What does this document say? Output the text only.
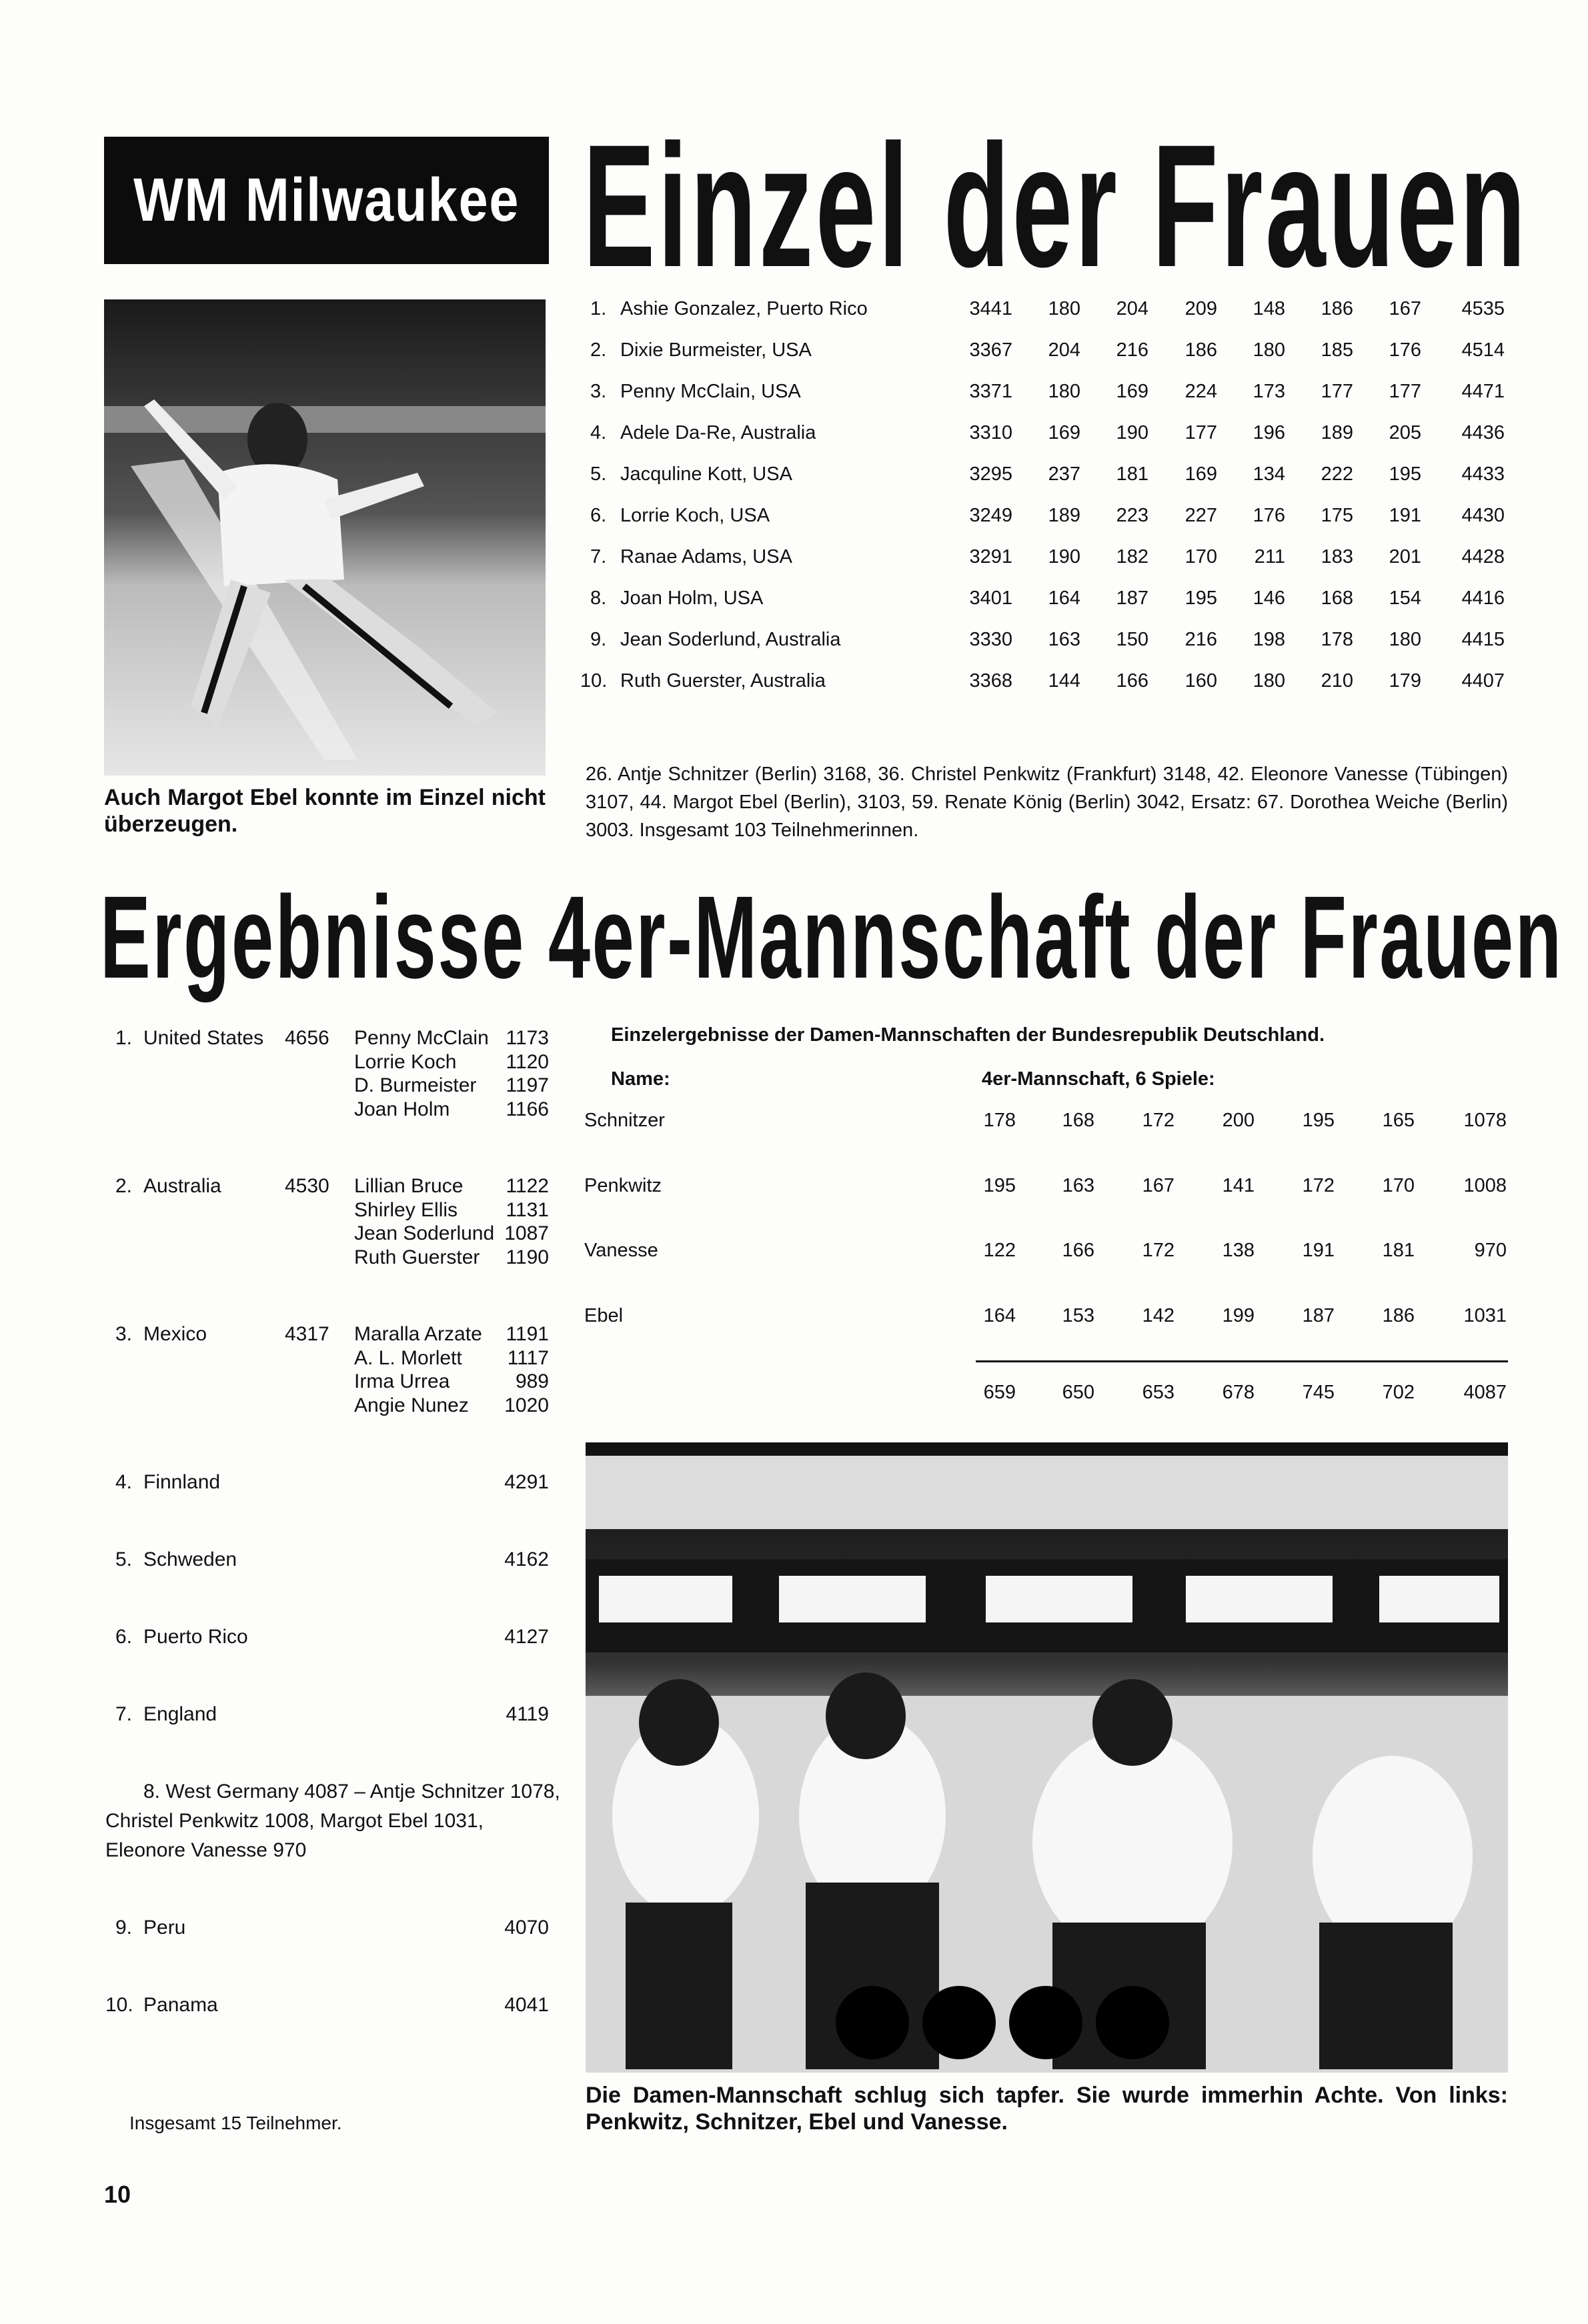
WM Milwaukee Einzel der Frauen
Auch Margot Ebel konnte im Einzel nicht überzeugen.
1. Ashie Gonzalez, Puerto Rico	3441	180	204	209	148	186	167	4535
2. Dixie Burmeister, USA	3367	204	216	186	180	185	176	4514
3. Penny McClain, USA	3371	180	169	224	173	177	177	4471
4. Adele Da-Re, Australia	3310	169	190	177	196	189	205	4436
5. Jacquline Kott, USA	3295	237	181	169	134	222	195	4433
6. Lorrie Koch, USA	3249	189	223	227	176	175	191	4430
7. Ranae Adams, USA	3291	190	182	170	211	183	201	4428
8. Joan Holm, USA	3401	164	187	195	146	168	154	4416
9. Jean Soderlund, Australia	3330	163	150	216	198	178	180	4415
10. Ruth Guerster, Australia	3368	144	166	160	180	210	179	4407
26. Antje Schnitzer (Berlin) 3168, 36. Christel Penkwitz (Frankfurt) 3148, 42. Eleonore Vanesse (Tübingen) 3107, 44. Margot Ebel (Berlin), 3103, 59. Renate König (Berlin) 3042, Ersatz: 67. Dorothea Weiche (Berlin) 3003. Insgesamt 103 Teilnehmerinnen.
Ergebnisse 4er-Mannschaft der Frauen
1. United States 4656 Penny McClain 1173
Lorrie Koch	1120
D. Burmeister	1197
Joan Holm	1166
2. Australia	4530 Lillian Bruce	1122
Shirley Ellis	1131
Jean Soderlund 1087
Ruth Guerster	1190
3. Mexico	4317 Maralla Arzate	1191
A. L. Morlett	1117
Irma Urrea	989
Angie Nunez	1020
4. Finnland	4291
5. Schweden	4162
6. Puerto Rico	4127
7. England	4119
8. West Germany 4087 – Antje Schnitzer 1078,
Christel Penkwitz 1008, Margot Ebel 1031,
Eleonore Vanesse 970
9. Peru	4070
10. Panama	4041
Insgesamt 15 Teilnehmer.
Einzelergebnisse der Damen-Mannschaften der Bundesrepublik Deutschland.
Name:	4er-Mannschaft, 6 Spiele:
Schnitzer	178	168	172	200	195	165	1078
Penkwitz	195	163	167	141	172	170	1008
Vanesse	122	166	172	138	191	181	970
Ebel	164	153	142	199	187	186	1031
659	650	653	678	745	702	4087
Die Damen-Mannschaft schlug sich tapfer. Sie wurde immerhin Achte. Von links: Penkwitz, Schnitzer, Ebel und Vanesse.
10
